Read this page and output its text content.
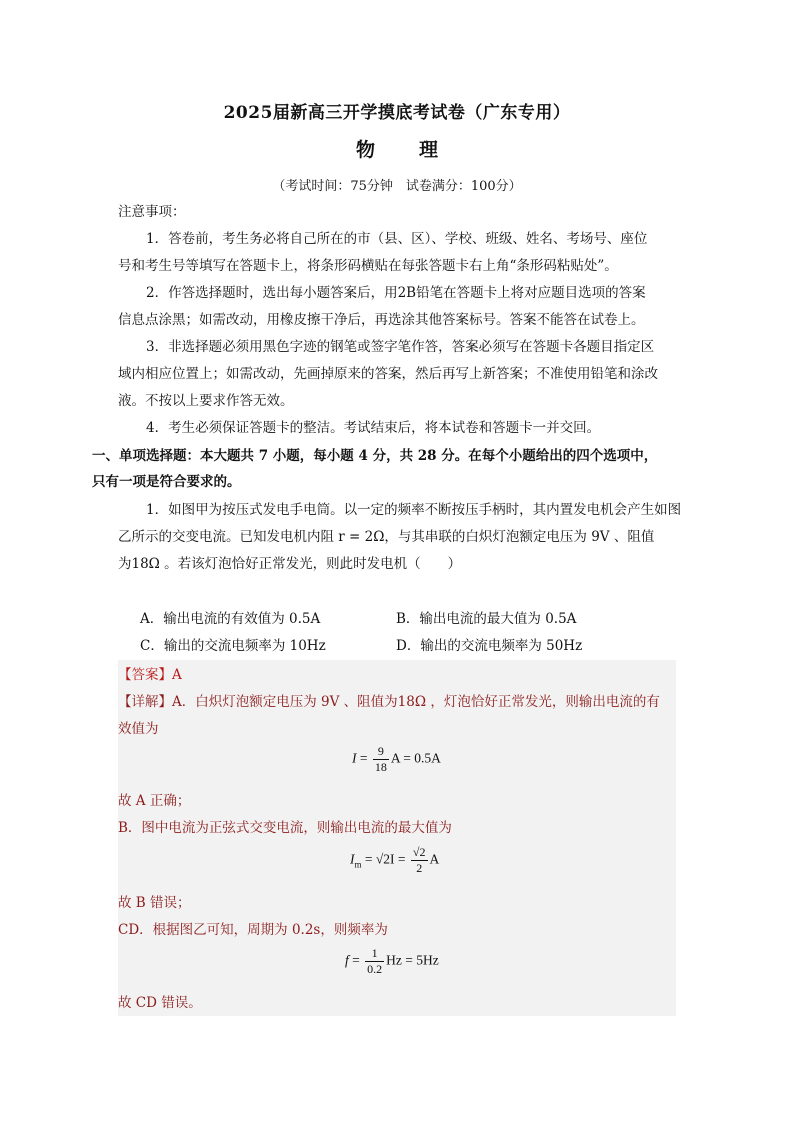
2025届新高三开学摸底考试卷（广东专用）
物 理
（考试时间：75分钟　试卷满分：100分）
注意事项：
1．答卷前，考生务必将自己所在的市（县、区）、学校、班级、姓名、考场号、座位
号和考生号等填写在答题卡上，将条形码横贴在每张答题卡右上角“条形码粘贴处”。
2．作答选择题时，选出每小题答案后，用2B铅笔在答题卡上将对应题目选项的答案
信息点涂黑；如需改动，用橡皮擦干净后，再选涂其他答案标号。答案不能答在试卷上。
3．非选择题必须用黑色字迹的钢笔或签字笔作答，答案必须写在答题卡各题目指定区
域内相应位置上；如需改动，先画掉原来的答案，然后再写上新答案；不准使用铅笔和涂改
液。不按以上要求作答无效。
4．考生必须保证答题卡的整洁。考试结束后，将本试卷和答题卡一并交回。
一、单项选择题：本大题共 7 小题，每小题 4 分，共 28 分。在每个小题给出的四个选项中，
只有一项是符合要求的。
1．如图甲为按压式发电手电筒。以一定的频率不断按压手柄时，其内置发电机会产生如图
乙所示的交变电流。已知发电机内阻 r = 2Ω，与其串联的白炽灯泡额定电压为 9V 、阻值
为18Ω 。若该灯泡恰好正常发光，则此时发电机（　　）
A．输出电流的有效值为 0.5A	B．输出电流的最大值为 0.5A
C．输出的交流电频率为 10Hz	D．输出的交流电频率为 50Hz
【答案】A
【详解】A．白炽灯泡额定电压为 9V 、阻值为18Ω ，灯泡恰好正常发光，则输出电流的有
效值为
$I = \frac{9}{18}$ A = 0.5A
故 A 正确；
B．图中电流为正弦式交变电流，则输出电流的最大值为
$I_m = √2I = \frac{√2}{2}$ A
故 B 错误；
CD．根据图乙可知，周期为 0.2s，则频率为
$f = \frac{1}{0.2}$ Hz = 5Hz
故 CD 错误。
